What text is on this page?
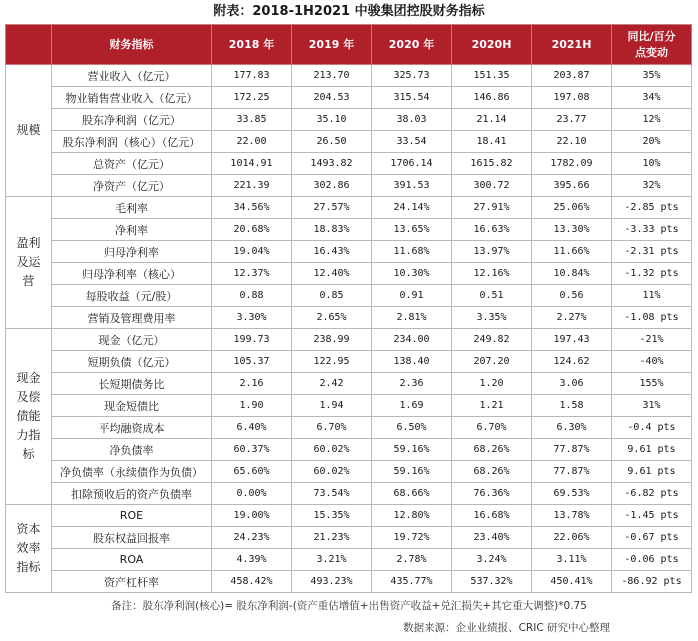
附表：2018-1H2021 中骏集团控股财务指标
	财务指标	2018 年	2019 年	2020 年	2020H	2021H	同比/百分点变动

规模	营业收入（亿元）	177.83	213.70	325.73	151.35	203.87	35%
	物业销售营业收入（亿元）	172.25	204.53	315.54	146.86	197.08	34%
	股东净利润（亿元）	33.85	35.10	38.03	21.14	23.77	12%
	股东净利润（核心）（亿元）	22.00	26.50	33.54	18.41	22.10	20%
	总资产（亿元）	1014.91	1493.82	1706.14	1615.82	1782.09	10%
	净资产（亿元）	221.39	302.86	391.53	300.72	395.66	32%

盈利及运营	毛利率	34.56%	27.57%	24.14%	27.91%	25.06%	-2.85 pts
	净利率	20.68%	18.83%	13.65%	16.63%	13.30%	-3.33 pts
	归母净利率	19.04%	16.43%	11.68%	13.97%	11.66%	-2.31 pts
	归母净利率（核心）	12.37%	12.40%	10.30%	12.16%	10.84%	-1.32 pts
	每股收益（元/股）	0.88	0.85	0.91	0.51	0.56	11%
	营销及管理费用率	3.30%	2.65%	2.81%	3.35%	2.27%	-1.08 pts

现金及偿债能力指标	现金（亿元）	199.73	238.99	234.00	249.82	197.43	-21%
	短期负债（亿元）	105.37	122.95	138.40	207.20	124.62	-40%
	长短期债务比	2.16	2.42	2.36	1.20	3.06	155%
	现金短债比	1.90	1.94	1.69	1.21	1.58	31%
	平均融资成本	6.40%	6.70%	6.50%	6.70%	6.30%	-0.4 pts
	净负债率	60.37%	60.02%	59.16%	68.26%	77.87%	9.61 pts
	净负债率（永续债作为负债）	65.60%	60.02%	59.16%	68.26%	77.87%	9.61 pts
	扣除预收后的资产负债率	0.00%	73.54%	68.66%	76.36%	69.53%	-6.82 pts

资本效率指标	ROE	19.00%	15.35%	12.80%	16.68%	13.78%	-1.45 pts
	股东权益回报率	24.23%	21.23%	19.72%	23.40%	22.06%	-0.67 pts
	ROA	4.39%	3.21%	2.78%	3.24%	3.11%	-0.06 pts
	资产杠杆率	458.42%	493.23%	435.77%	537.32%	450.41%	-86.92 pts
备注：股东净利润(核心)= 股东净利润-(资产重估增值+出售资产收益+兑汇损失+其它重大调整)*0.75
数据来源：企业业绩报、CRIC 研究中心整理
